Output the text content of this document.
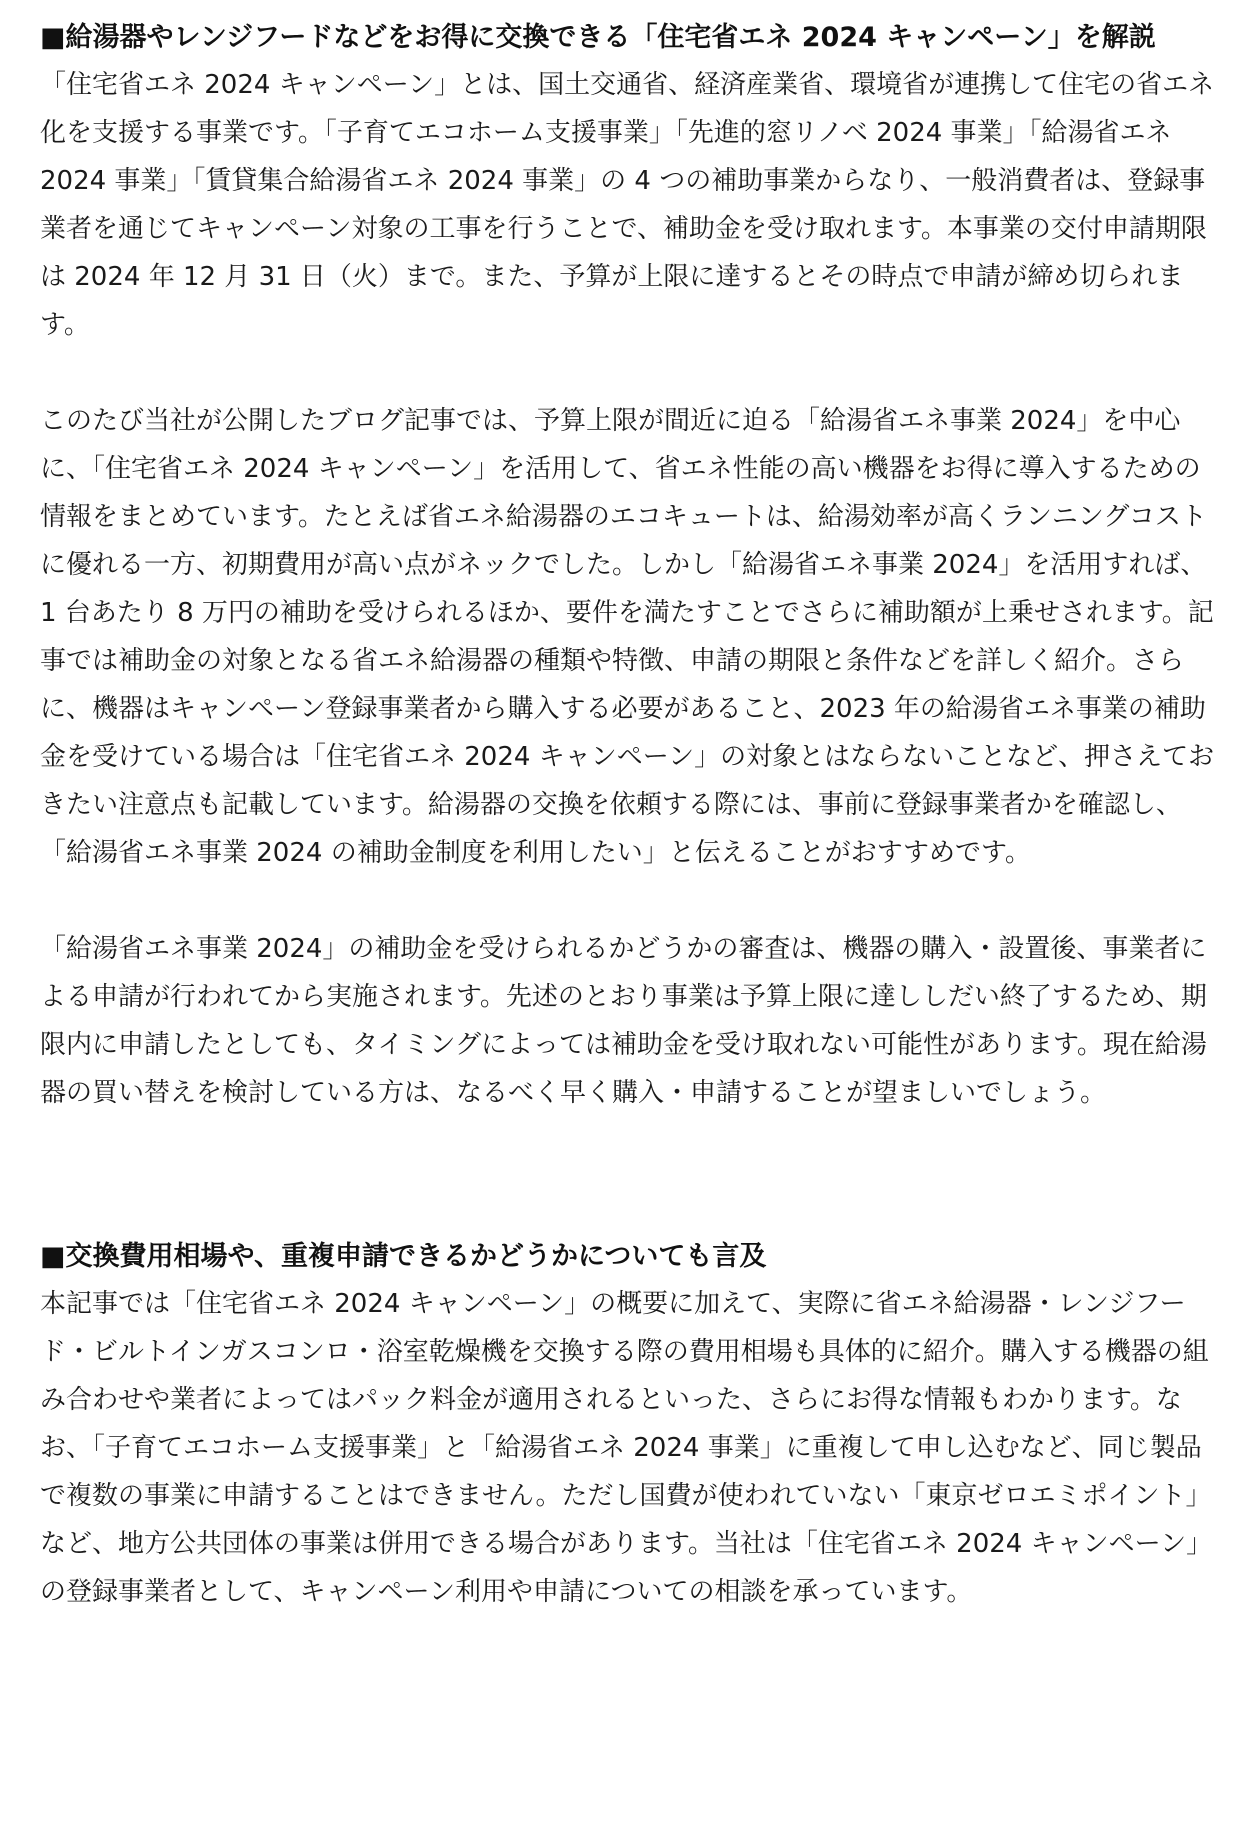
■給湯器やレンジフードなどをお得に交換できる「住宅省エネ 2024 キャンペーン」を解説

「住宅省エネ 2024 キャンペーン」とは、国土交通省、経済産業省、環境省が連携して住宅の省エネ化を支援する事業です。「子育てエコホーム支援事業」「先進的窓リノベ 2024 事業」「給湯省エネ 2024 事業」「賃貸集合給湯省エネ 2024 事業」の 4 つの補助事業からなり、一般消費者は、登録事業者を通じてキャンペーン対象の工事を行うことで、補助金を受け取れます。本事業の交付申請期限は 2024 年 12 月 31 日（火）まで。また、予算が上限に達するとその時点で申請が締め切られます。

このたび当社が公開したブログ記事では、予算上限が間近に迫る「給湯省エネ事業 2024」を中心に、「住宅省エネ 2024 キャンペーン」を活用して、省エネ性能の高い機器をお得に導入するための情報をまとめています。たとえば省エネ給湯器のエコキュートは、給湯効率が高くランニングコストに優れる一方、初期費用が高い点がネックでした。しかし「給湯省エネ事業 2024」を活用すれば、1 台あたり 8 万円の補助を受けられるほか、要件を満たすことでさらに補助額が上乗せされます。記事では補助金の対象となる省エネ給湯器の種類や特徴、申請の期限と条件などを詳しく紹介。さらに、機器はキャンペーン登録事業者から購入する必要があること、2023 年の給湯省エネ事業の補助金を受けている場合は「住宅省エネ 2024 キャンペーン」の対象とはならないことなど、押さえておきたい注意点も記載しています。給湯器の交換を依頼する際には、事前に登録事業者かを確認し、「給湯省エネ事業 2024 の補助金制度を利用したい」と伝えることがおすすめです。

「給湯省エネ事業 2024」の補助金を受けられるかどうかの審査は、機器の購入・設置後、事業者による申請が行われてから実施されます。先述のとおり事業は予算上限に達ししだい終了するため、期限内に申請したとしても、タイミングによっては補助金を受け取れない可能性があります。現在給湯器の買い替えを検討している方は、なるべく早く購入・申請することが望ましいでしょう。

■交換費用相場や、重複申請できるかどうかについても言及

本記事では「住宅省エネ 2024 キャンペーン」の概要に加えて、実際に省エネ給湯器・レンジフード・ビルトインガスコンロ・浴室乾燥機を交換する際の費用相場も具体的に紹介。購入する機器の組み合わせや業者によってはパック料金が適用されるといった、さらにお得な情報もわかります。なお、「子育てエコホーム支援事業」と「給湯省エネ 2024 事業」に重複して申し込むなど、同じ製品で複数の事業に申請することはできません。ただし国費が使われていない「東京ゼロエミポイント」など、地方公共団体の事業は併用できる場合があります。当社は「住宅省エネ 2024 キャンペーン」の登録事業者として、キャンペーン利用や申請についての相談を承っています。
